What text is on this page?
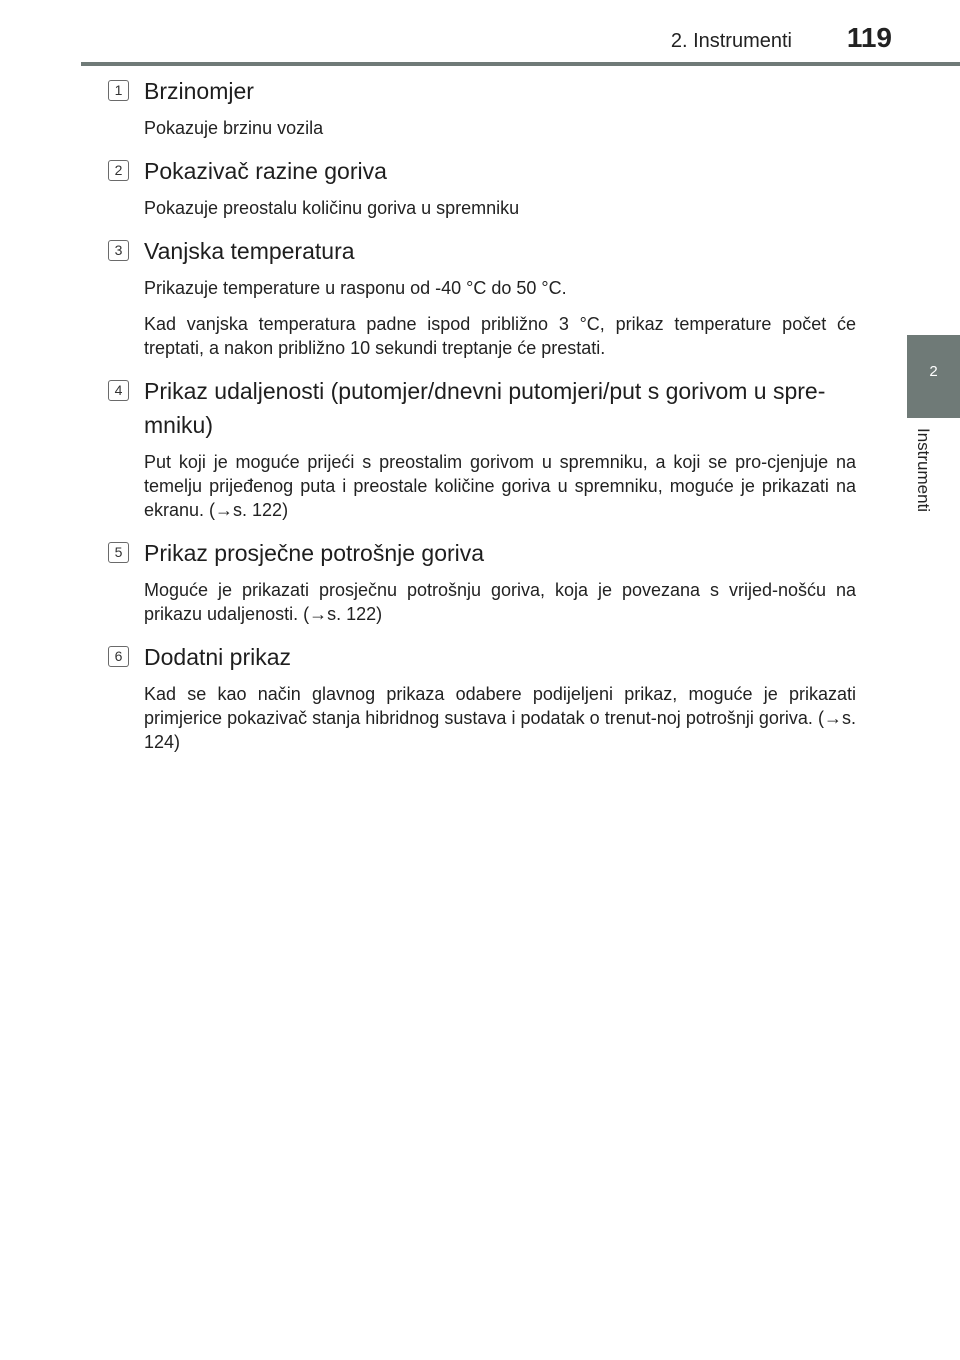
2. Instrumenti 119
2
Instrumenti
1 Brzinomjer
Pokazuje brzinu vozila
2 Pokazivač razine goriva
Pokazuje preostalu količinu goriva u spremniku
3 Vanjska temperatura
Prikazuje temperature u rasponu od -40 °C do 50 °C.
Kad vanjska temperatura padne ispod približno 3 °C, prikaz temperature počet će treptati, a nakon približno 10 sekundi treptanje će prestati.
4 Prikaz udaljenosti (putomjer/dnevni putomjeri/put s gorivom u spre-mniku)
Put koji je moguće prijeći s preostalim gorivom u spremniku, a koji se pro-cjenjuje na temelju prijeđenog puta i preostale količine goriva u spremniku, moguće je prikazati na ekranu. (→s. 122)
5 Prikaz prosječne potrošnje goriva
Moguće je prikazati prosječnu potrošnju goriva, koja je povezana s vrijed-nošću na prikazu udaljenosti. (→s. 122)
6 Dodatni prikaz
Kad se kao način glavnog prikaza odabere podijeljeni prikaz, moguće je prikazati primjerice pokazivač stanja hibridnog sustava i podatak o trenut-noj potrošnji goriva. (→s. 124)
